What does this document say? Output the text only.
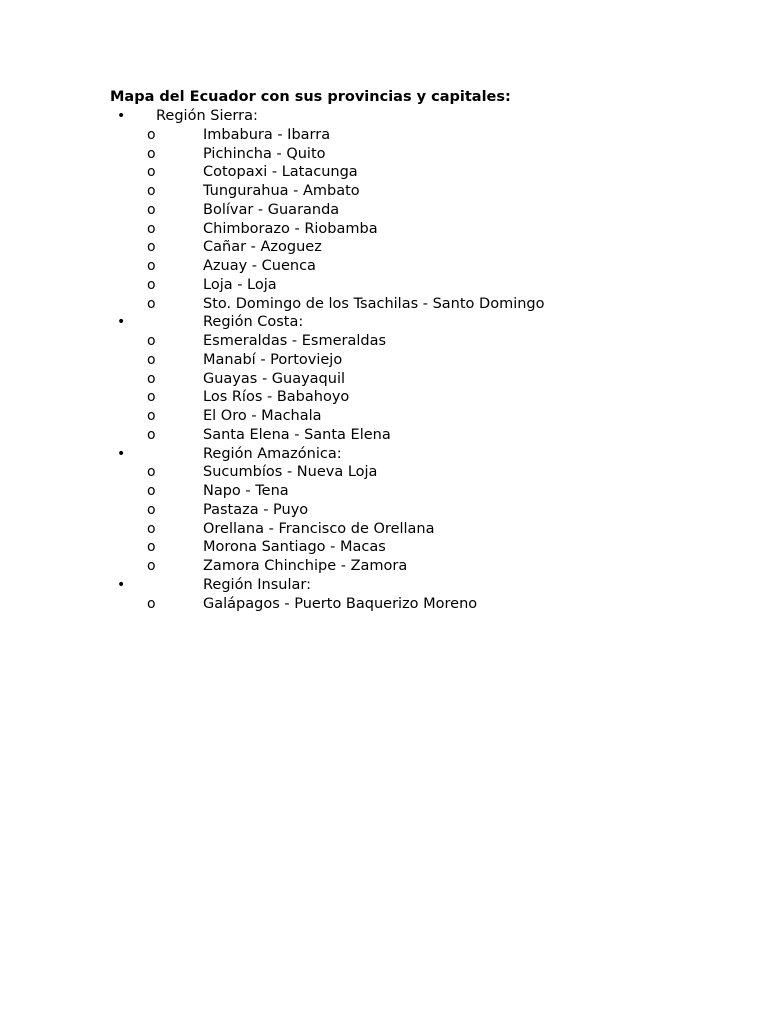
Mapa del Ecuador con sus provincias y capitales:
• Región Sierra:
o	Imbabura - Ibarra
o	Pichincha - Quito
o	Cotopaxi - Latacunga
o	Tungurahua - Ambato
o	Bolívar - Guaranda
o	Chimborazo - Riobamba
o	Cañar - Azoguez
o	Azuay - Cuenca
o	Loja - Loja
o	Sto. Domingo de los Tsachilas - Santo Domingo
•	Región Costa:
o	Esmeraldas - Esmeraldas
o	Manabí - Portoviejo
o	Guayas - Guayaquil
o	Los Ríos - Babahoyo
o	El Oro - Machala
o	Santa Elena - Santa Elena
•	Región Amazónica:
o	Sucumbíos - Nueva Loja
o	Napo - Tena
o	Pastaza - Puyo
o	Orellana - Francisco de Orellana
o	Morona Santiago - Macas
o	Zamora Chinchipe - Zamora
•	Región Insular:
o	Galápagos - Puerto Baquerizo Moreno
